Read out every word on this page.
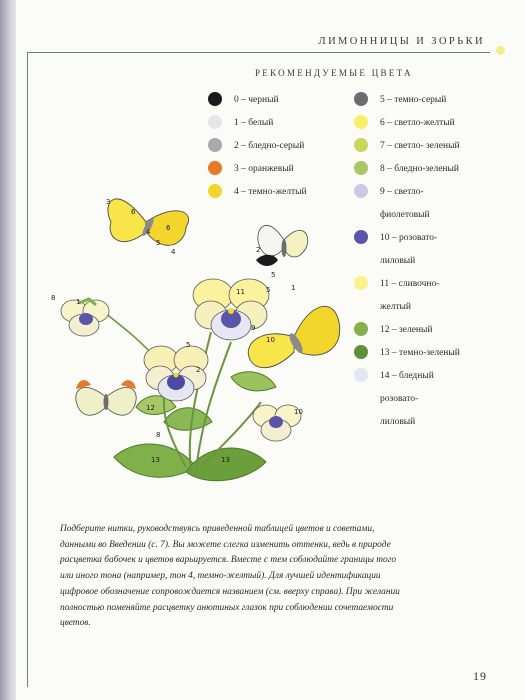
ЛИМОННИЦЫ И ЗОРЬКИ
РЕКОМЕНДУЕМЫЕ ЦВЕТА
0 – черный
1 – белый
2 – бледно-серый
3 – оранжевый
4 – темно-желтый
5 – темно-серый
6 – светло-желтый
7 – светло- зеленый
8 – бледно-зеленый
9 – светло-
фиолетовый
10 – розовато-
лиловый
11 – сливочно-
желтый
12 – зеленый
13 – темно-зеленый
14 – бледный
розовато-
лиловый
3
6
4 6
5
4
8	1
2
5
1
5
5
2
11
9
10
10
12
8
13	13
Подберите нитки, руководствуясь приведенной таблицей цветов и советами, данными во Введении (с. 7). Вы можете слегка изменить оттенки, ведь в природе расцветка бабочек и цветов варьируется. Вместе с тем соблюдайте границы того или иного тона (например, тон 4, темно-желтый). Для лучшей идентификации цифровое обозначение сопровождается названием (см. вверху справа). При желании полностью поменяйте расцветку анютиных глазок при соблюдении сочетаемости цветов.
19
